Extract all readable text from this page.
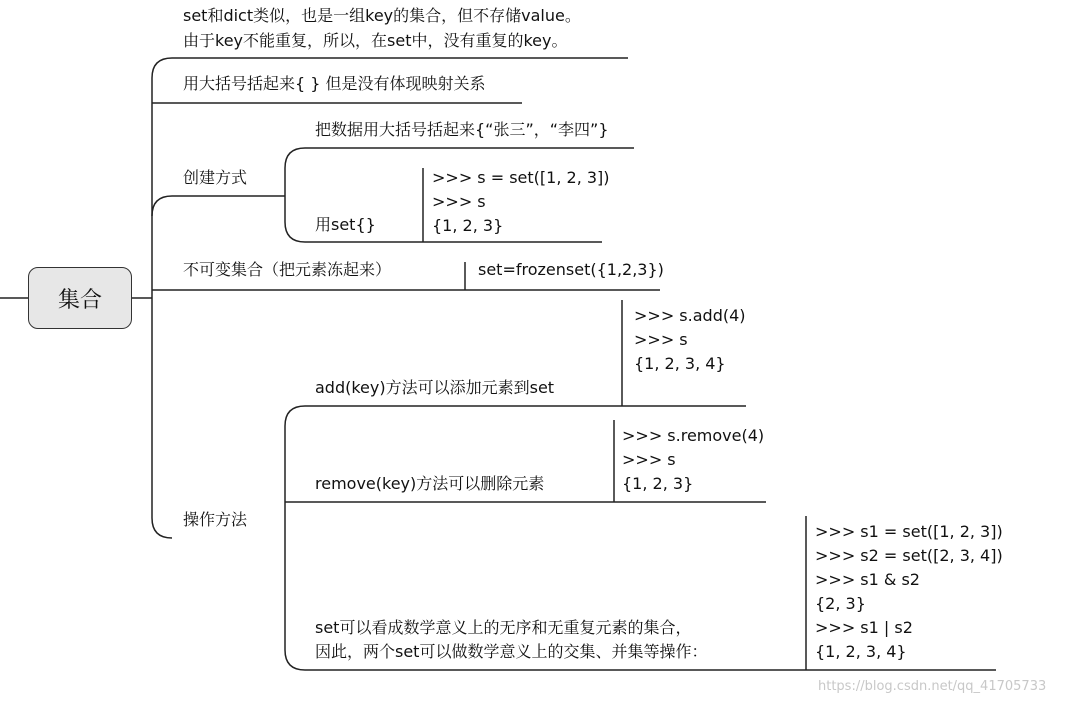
集合
set和dict类似，也是一组key的集合，但不存储value。
由于key不能重复，所以，在set中，没有重复的key。
用大括号括起来{ } 但是没有体现映射关系
创建方式
把数据用大括号括起来{“张三”，“李四”}
用set{}
>>> s = set([1, 2, 3])
>>> s
{1, 2, 3}
不可变集合（把元素冻起来）	set=frozenset({1,2,3})
操作方法
>>> s.add(4)
>>> s
{1, 2, 3, 4}
add(key)方法可以添加元素到set
>>> s.remove(4)
>>> s
{1, 2, 3}
remove(key)方法可以删除元素
>>> s1 = set([1, 2, 3])
>>> s2 = set([2, 3, 4])
>>> s1 & s2
{2, 3}
>>> s1 | s2
{1, 2, 3, 4}
set可以看成数学意义上的无序和无重复元素的集合，
因此，两个set可以做数学意义上的交集、并集等操作：
https://blog.csdn.net/qq_41705733
